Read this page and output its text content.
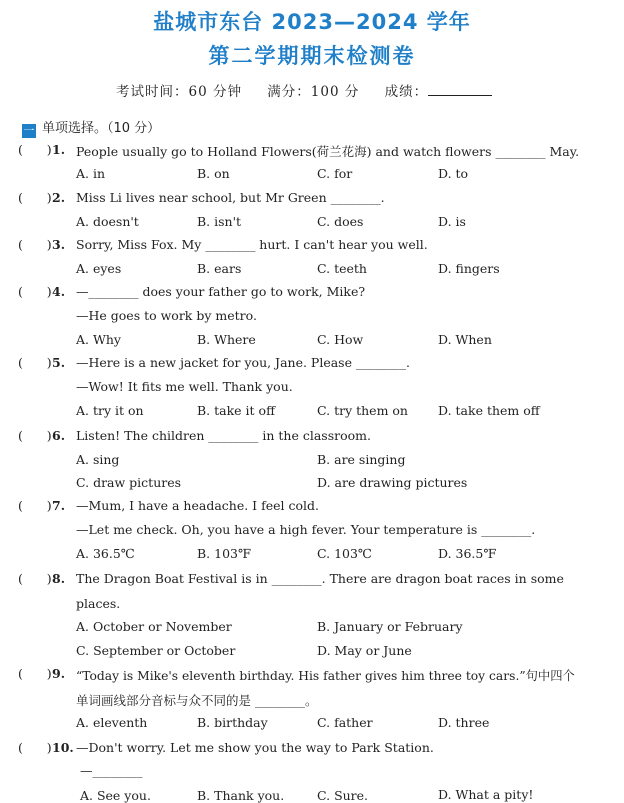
盐城市东台 2023—2024 学年
第二学期期末检测卷
考试时间：60 分钟 满分：100 分 成绩：
一 单项选择。（10 分）
(      ) 1. People usually go to Holland Flowers(荷兰花海) and watch flowers ________ May.
A. in	B. on	C. for	D. to
(      ) 2. Miss Li lives near school, but Mr Green ________.
A. doesn't	B. isn't	C. does	D. is
(      ) 3. Sorry, Miss Fox. My ________ hurt. I can't hear you well.
A. eyes	B. ears	C. teeth	D. fingers
(      ) 4. —________ does your father go to work, Mike?
—He goes to work by metro.
A. Why	B. Where	C. How	D. When
(      ) 5. —Here is a new jacket for you, Jane. Please ________.
—Wow! It fits me well. Thank you.
A. try it on	B. take it off	C. try them on D. take them off
(      ) 6. Listen! The children ________ in the classroom.
A. sing	B. are singing
C. draw pictures	D. are drawing pictures
(      ) 7. —Mum, I have a headache. I feel cold.
—Let me check. Oh, you have a high fever. Your temperature is ________.
A. 36.5℃	B. 103℉	C. 103℃	D. 36.5℉
(      ) 8. The Dragon Boat Festival is in ________. There are dragon boat races in some
places.
A. October or November	B. January or February
C. September or October	D. May or June
(      ) 9. “Today is Mike's eleventh birthday. His father gives him three toy cars.”句中四个
单词画线部分音标与众不同的是 ________。
A. eleventh	B. birthday	C. father	D. three
(      ) 10. —Don't worry. Let me show you the way to Park Station.
—________
A. See you.	B. Thank you.	C. Sure.	D. What a pity!
